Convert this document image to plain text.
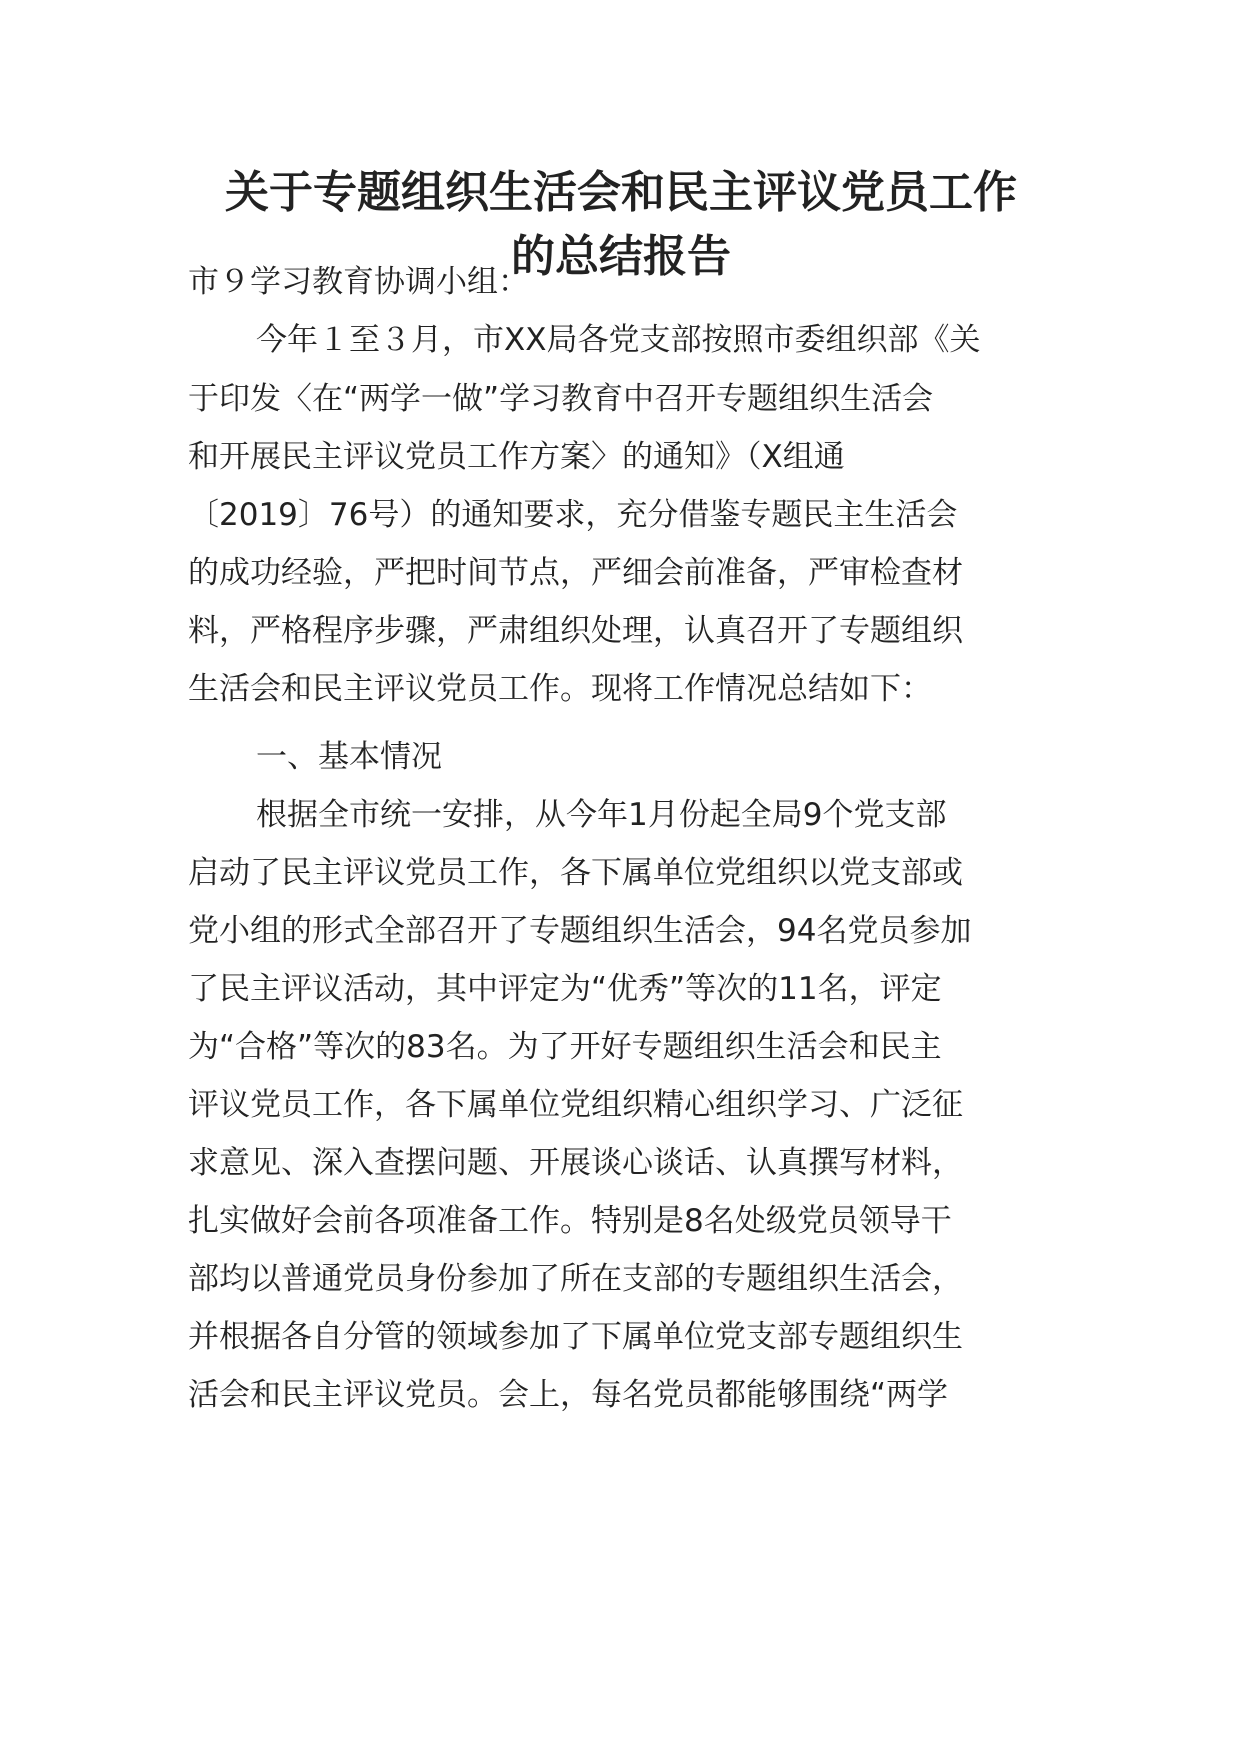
关于专题组织生活会和民主评议党员工作
的总结报告
市９学习教育协调小组：
今年１至３月，市XX局各党支部按照市委组织部《关
于印发〈在“两学一做”学习教育中召开专题组织生活会
和开展民主评议党员工作方案〉的通知》（X组通
〔2019〕76号）的通知要求，充分借鉴专题民主生活会
的成功经验，严把时间节点，严细会前准备，严审检查材
料，严格程序步骤，严肃组织处理，认真召开了专题组织
生活会和民主评议党员工作。现将工作情况总结如下：
一、基本情况
根据全市统一安排，从今年1月份起全局9个党支部
启动了民主评议党员工作，各下属单位党组织以党支部或
党小组的形式全部召开了专题组织生活会，94名党员参加
了民主评议活动，其中评定为“优秀”等次的11名，评定
为“合格”等次的83名。为了开好专题组织生活会和民主
评议党员工作，各下属单位党组织精心组织学习、广泛征
求意见、深入查摆问题、开展谈心谈话、认真撰写材料，
扎实做好会前各项准备工作。特别是8名处级党员领导干
部均以普通党员身份参加了所在支部的专题组织生活会，
并根据各自分管的领域参加了下属单位党支部专题组织生
活会和民主评议党员。会上，每名党员都能够围绕“两学
